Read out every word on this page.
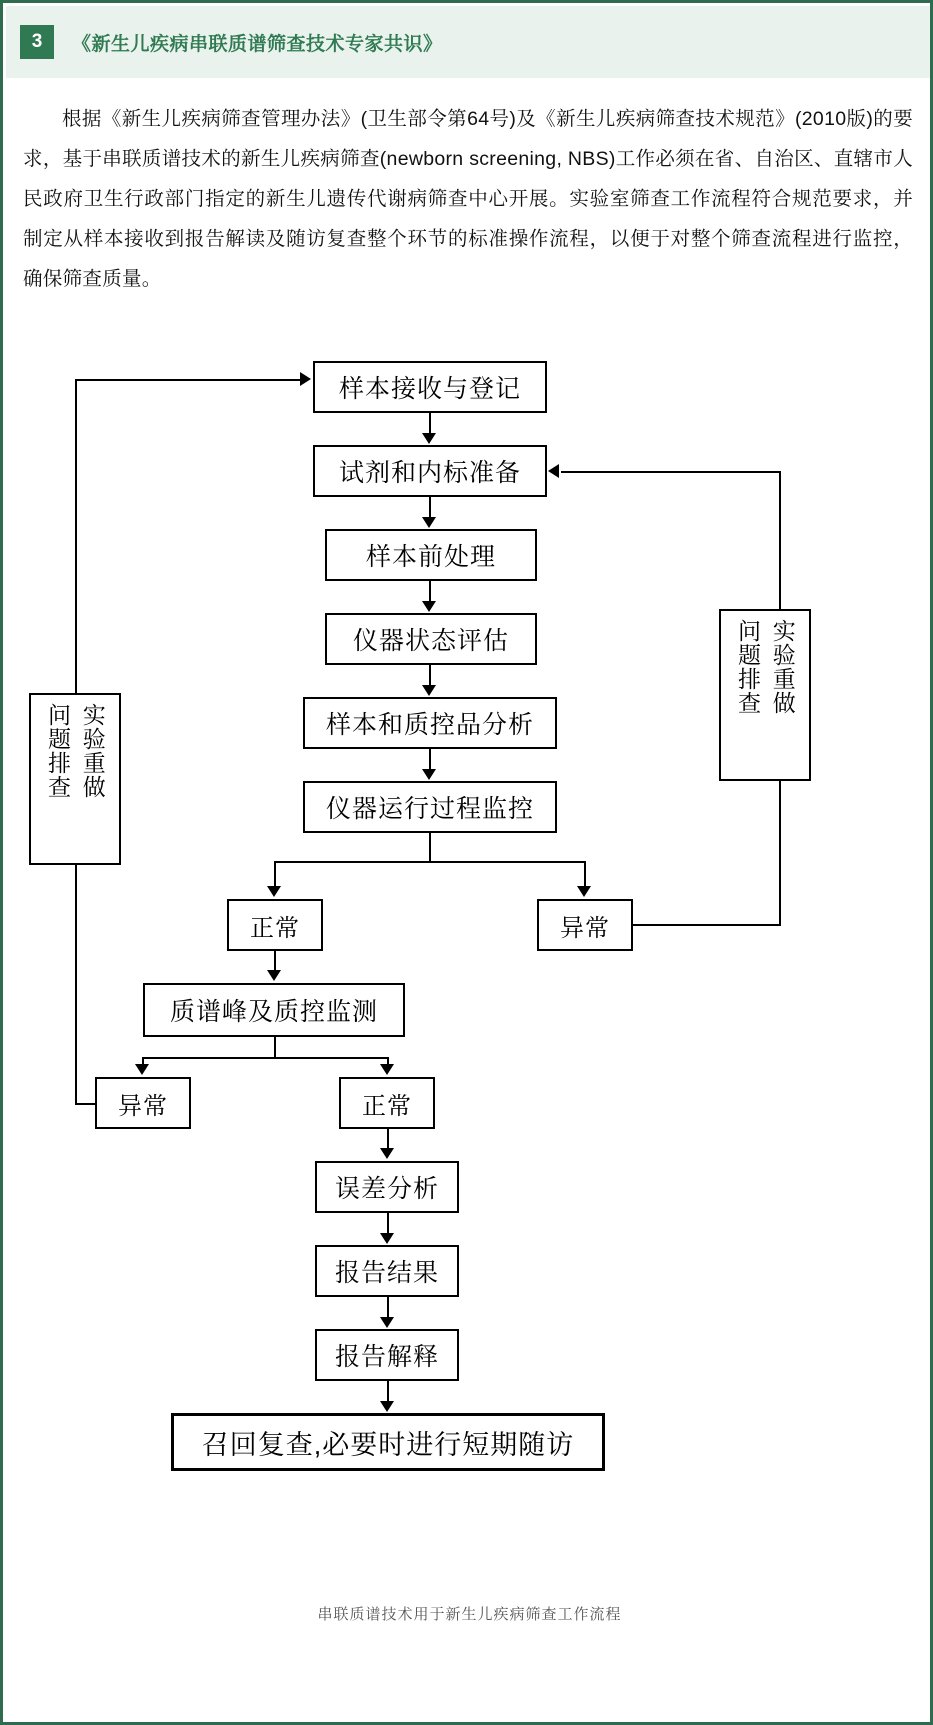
3	《新生儿疾病串联质谱筛查技术专家共识》
根据《新生儿疾病筛查管理办法》(卫生部令第64号)及《新生儿疾病筛查技术规范》(2010版)的要求，基于串联质谱技术的新生儿疾病筛查(newborn screening, NBS)工作必须在省、自治区、直辖市人民政府卫生行政部门指定的新生儿遗传代谢病筛查中心开展。实验室筛查工作流程符合规范要求，并制定从样本接收到报告解读及随访复查整个环节的标准操作流程，以便于对整个筛查流程进行监控，确保筛查质量。
样本接收与登记
试剂和内标准备
样本前处理
仪器状态评估
样本和质控品分析
仪器运行过程监控
正常	异常
质谱峰及质控监测
异常	正常
误差分析
报告结果
报告解释
召回复查,必要时进行短期随访
实验重做
问题排查
实验重做
问题排查
串联质谱技术用于新生儿疾病筛查工作流程
